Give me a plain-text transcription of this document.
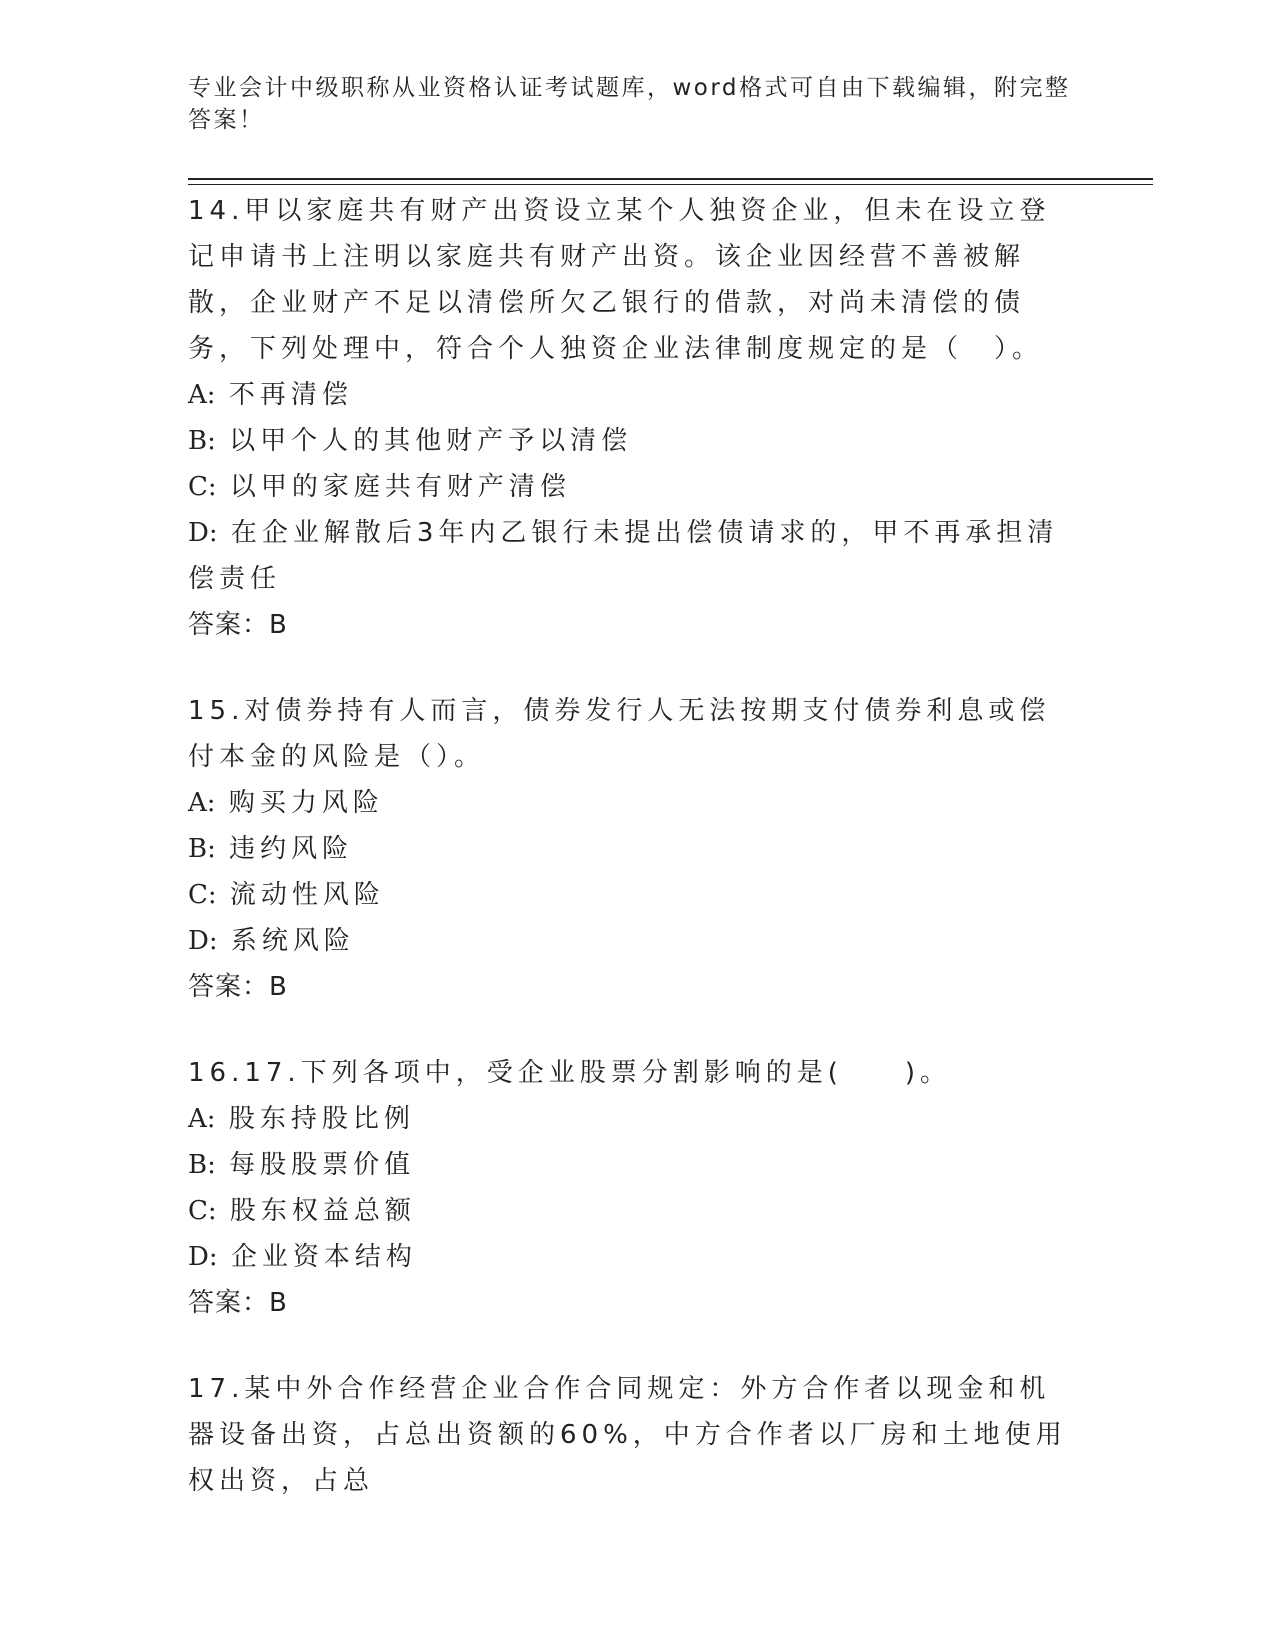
专业会计中级职称从业资格认证考试题库，word格式可自由下载编辑，附完整答案！
14.甲以家庭共有财产出资设立某个人独资企业，但未在设立登记申请书上注明以家庭共有财产出资。该企业因经营不善被解散，企业财产不足以清偿所欠乙银行的借款，对尚未清偿的债务，下列处理中，符合个人独资企业法律制度规定的是（　）。
A: 不再清偿
B: 以甲个人的其他财产予以清偿
C: 以甲的家庭共有财产清偿
D: 在企业解散后3年内乙银行未提出偿债请求的，甲不再承担清偿责任
答案：B
15.对债券持有人而言，债券发行人无法按期支付债券利息或偿付本金的风险是（）。
A: 购买力风险
B: 违约风险
C: 流动性风险
D: 系统风险
答案：B
16.17.下列各项中，受企业股票分割影响的是(　　)。
A: 股东持股比例
B: 每股股票价值
C: 股东权益总额
D: 企业资本结构
答案：B
17.某中外合作经营企业合作合同规定：外方合作者以现金和机器设备出资，占总出资额的60%，中方合作者以厂房和土地使用权出资，占总
